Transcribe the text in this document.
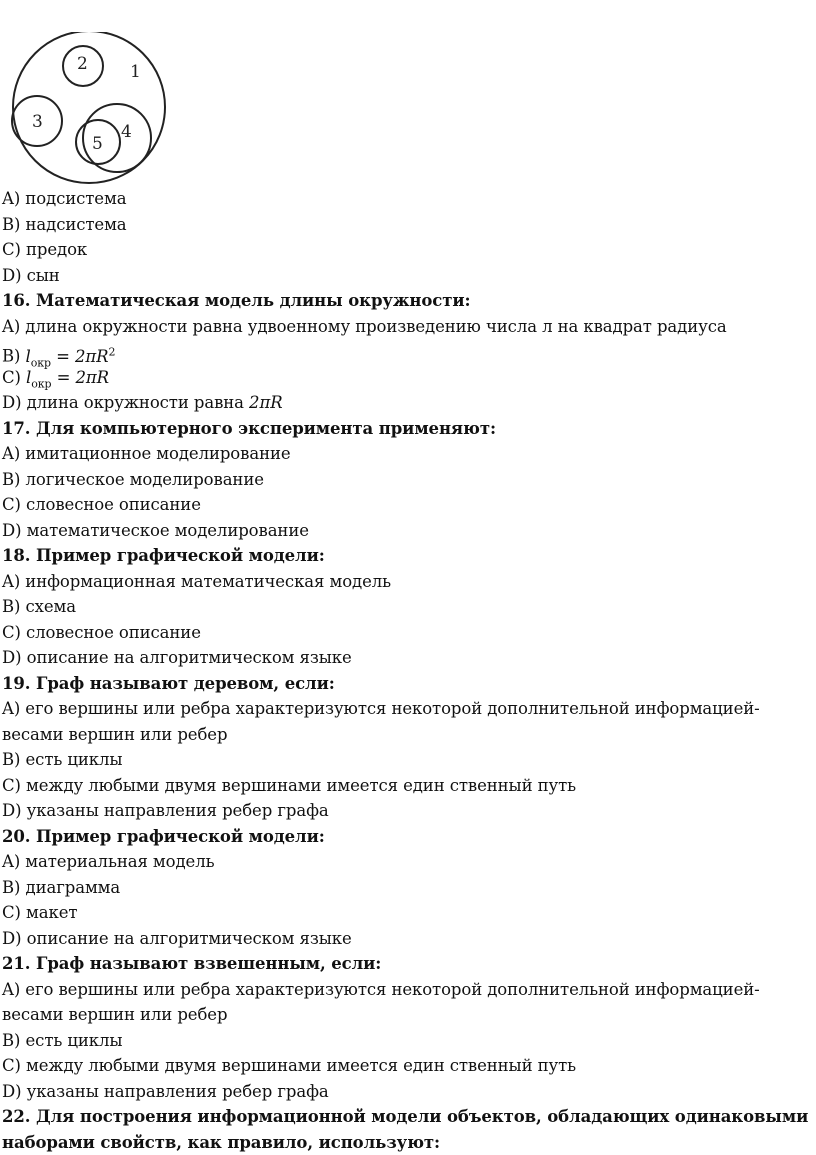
1
2
3	4
5
A) подсистема
B) надсистема
C) предок
D) сын
16. Математическая модель длины окружности:
A) длина окружности равна удвоенному произведению числа л на квадрат радиуса
B) $l_{окр} = 2\pi R^2$
C) $l_{окр} = 2\pi R$
D) длина окружности равна 2πR
17. Для компьютерного эксперимента применяют:
A) имитационное моделирование
B) логическое моделирование
C) словесное описание
D) математическое моделирование
18. Пример графической модели:
A) информационная математическая модель
B) схема
C) словесное описание
D) описание на алгоритмическом языке
19. Граф называют деревом, если:
A) его вершины или ребра характеризуются некоторой дополнительной информацией-
весами вершин или ребер
B) есть циклы
C) между любыми двумя вершинами имеется един ственный путь
D) указаны направления ребер графа
20. Пример графической модели:
A) материальная модель
B) диаграмма
C) макет
D) описание на алгоритмическом языке
21. Граф называют взвешенным, если:
A) его вершины или ребра характеризуются некоторой дополнительной информацией-
весами вершин или ребер
B) есть циклы
C) между любыми двумя вершинами имеется един ственный путь
D) указаны направления ребер графа
22. Для построения информационной модели объектов, обладающих одинаковыми
наборами свойств, как правило, используют:
